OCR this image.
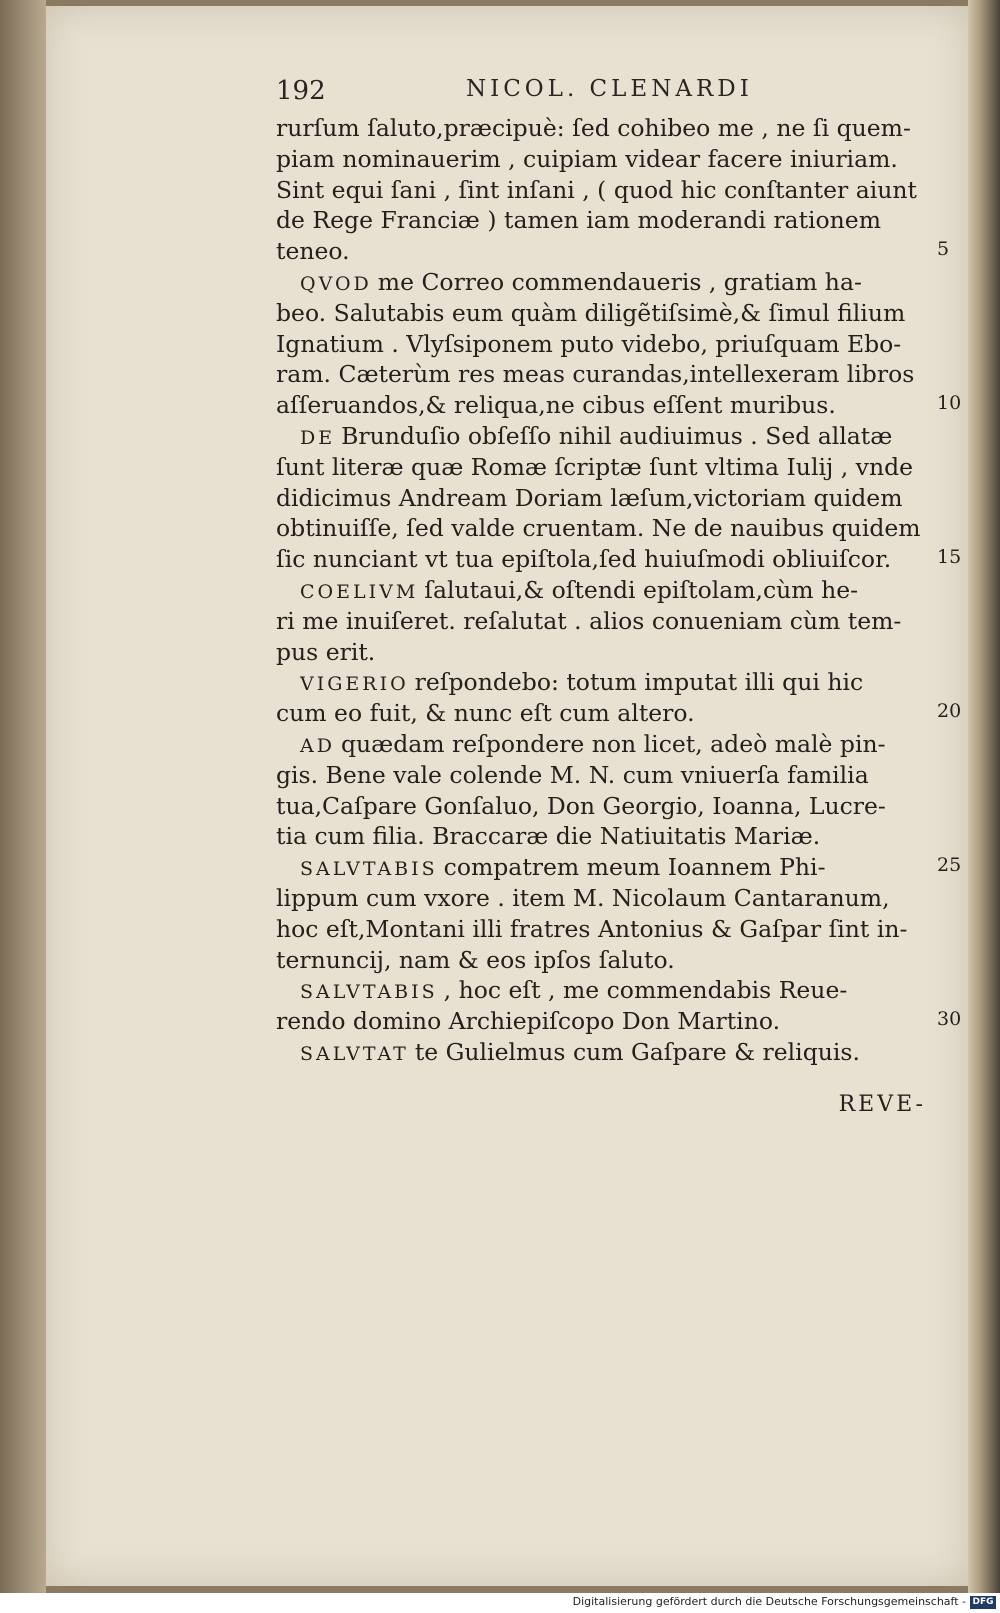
192	NICOL. CLENARDI
rurſum ſaluto,præcipuè: ſed cohibeo me , ne ſi quem-
piam nominauerim , cuipiam videar facere iniuriam.
Sint equi ſani , ſint inſani , ( quod hic conſtanter aiunt
de Rege Franciæ ) tamen iam moderandi rationem
teneo.
QVOD me Correo commendaueris , gratiam ha-
beo. Salutabis eum quàm diligẽtiſsimè,& ſimul filium
Ignatium . Vlyſsiponem puto videbo, priuſquam Ebo-
ram. Cæterùm res meas curandas,intellexeram libros
aſſeruandos,& reliqua,ne cibus eſſent muribus.
DE Brunduſio obſeſſo nihil audiuimus . Sed allatæ
ſunt literæ quæ Romæ ſcriptæ ſunt vltima Iulij , vnde
didicimus Andream Doriam læſum,victoriam quidem
obtinuiſſe, ſed valde cruentam. Ne de nauibus quidem
ſic nunciant vt tua epiſtola,ſed huiuſmodi obliuiſcor.
COELIVM ſalutaui,& oſtendi epiſtolam,cùm he-
ri me inuiſeret. reſalutat . alios conueniam cùm tem-
pus erit.
VIGERIO reſpondebo: totum imputat illi qui hic
cum eo fuit, & nunc eſt cum altero.
AD quædam reſpondere non licet, adeò malè pin-
gis. Bene vale colende M. N. cum vniuerſa familia
tua,Caſpare Gonſaluo, Don Georgio, Ioanna, Lucre-
tia cum filia. Braccaræ die Natiuitatis Mariæ.
SALVTABIS compatrem meum Ioannem Phi-
lippum cum vxore . item M. Nicolaum Cantaranum,
hoc eſt,Montani illi fratres Antonius & Gaſpar ſint in-
ternuncij, nam & eos ipſos ſaluto.
SALVTABIS , hoc eſt , me commendabis Reue-
rendo domino Archiepiſcopo Don Martino.
SALVTAT te Gulielmus cum Gaſpare & reliquis.
REVE-
5
10
15
20
25
30
Digitalisierung gefördert durch die Deutsche Forschungsgemeinschaft - DFG
